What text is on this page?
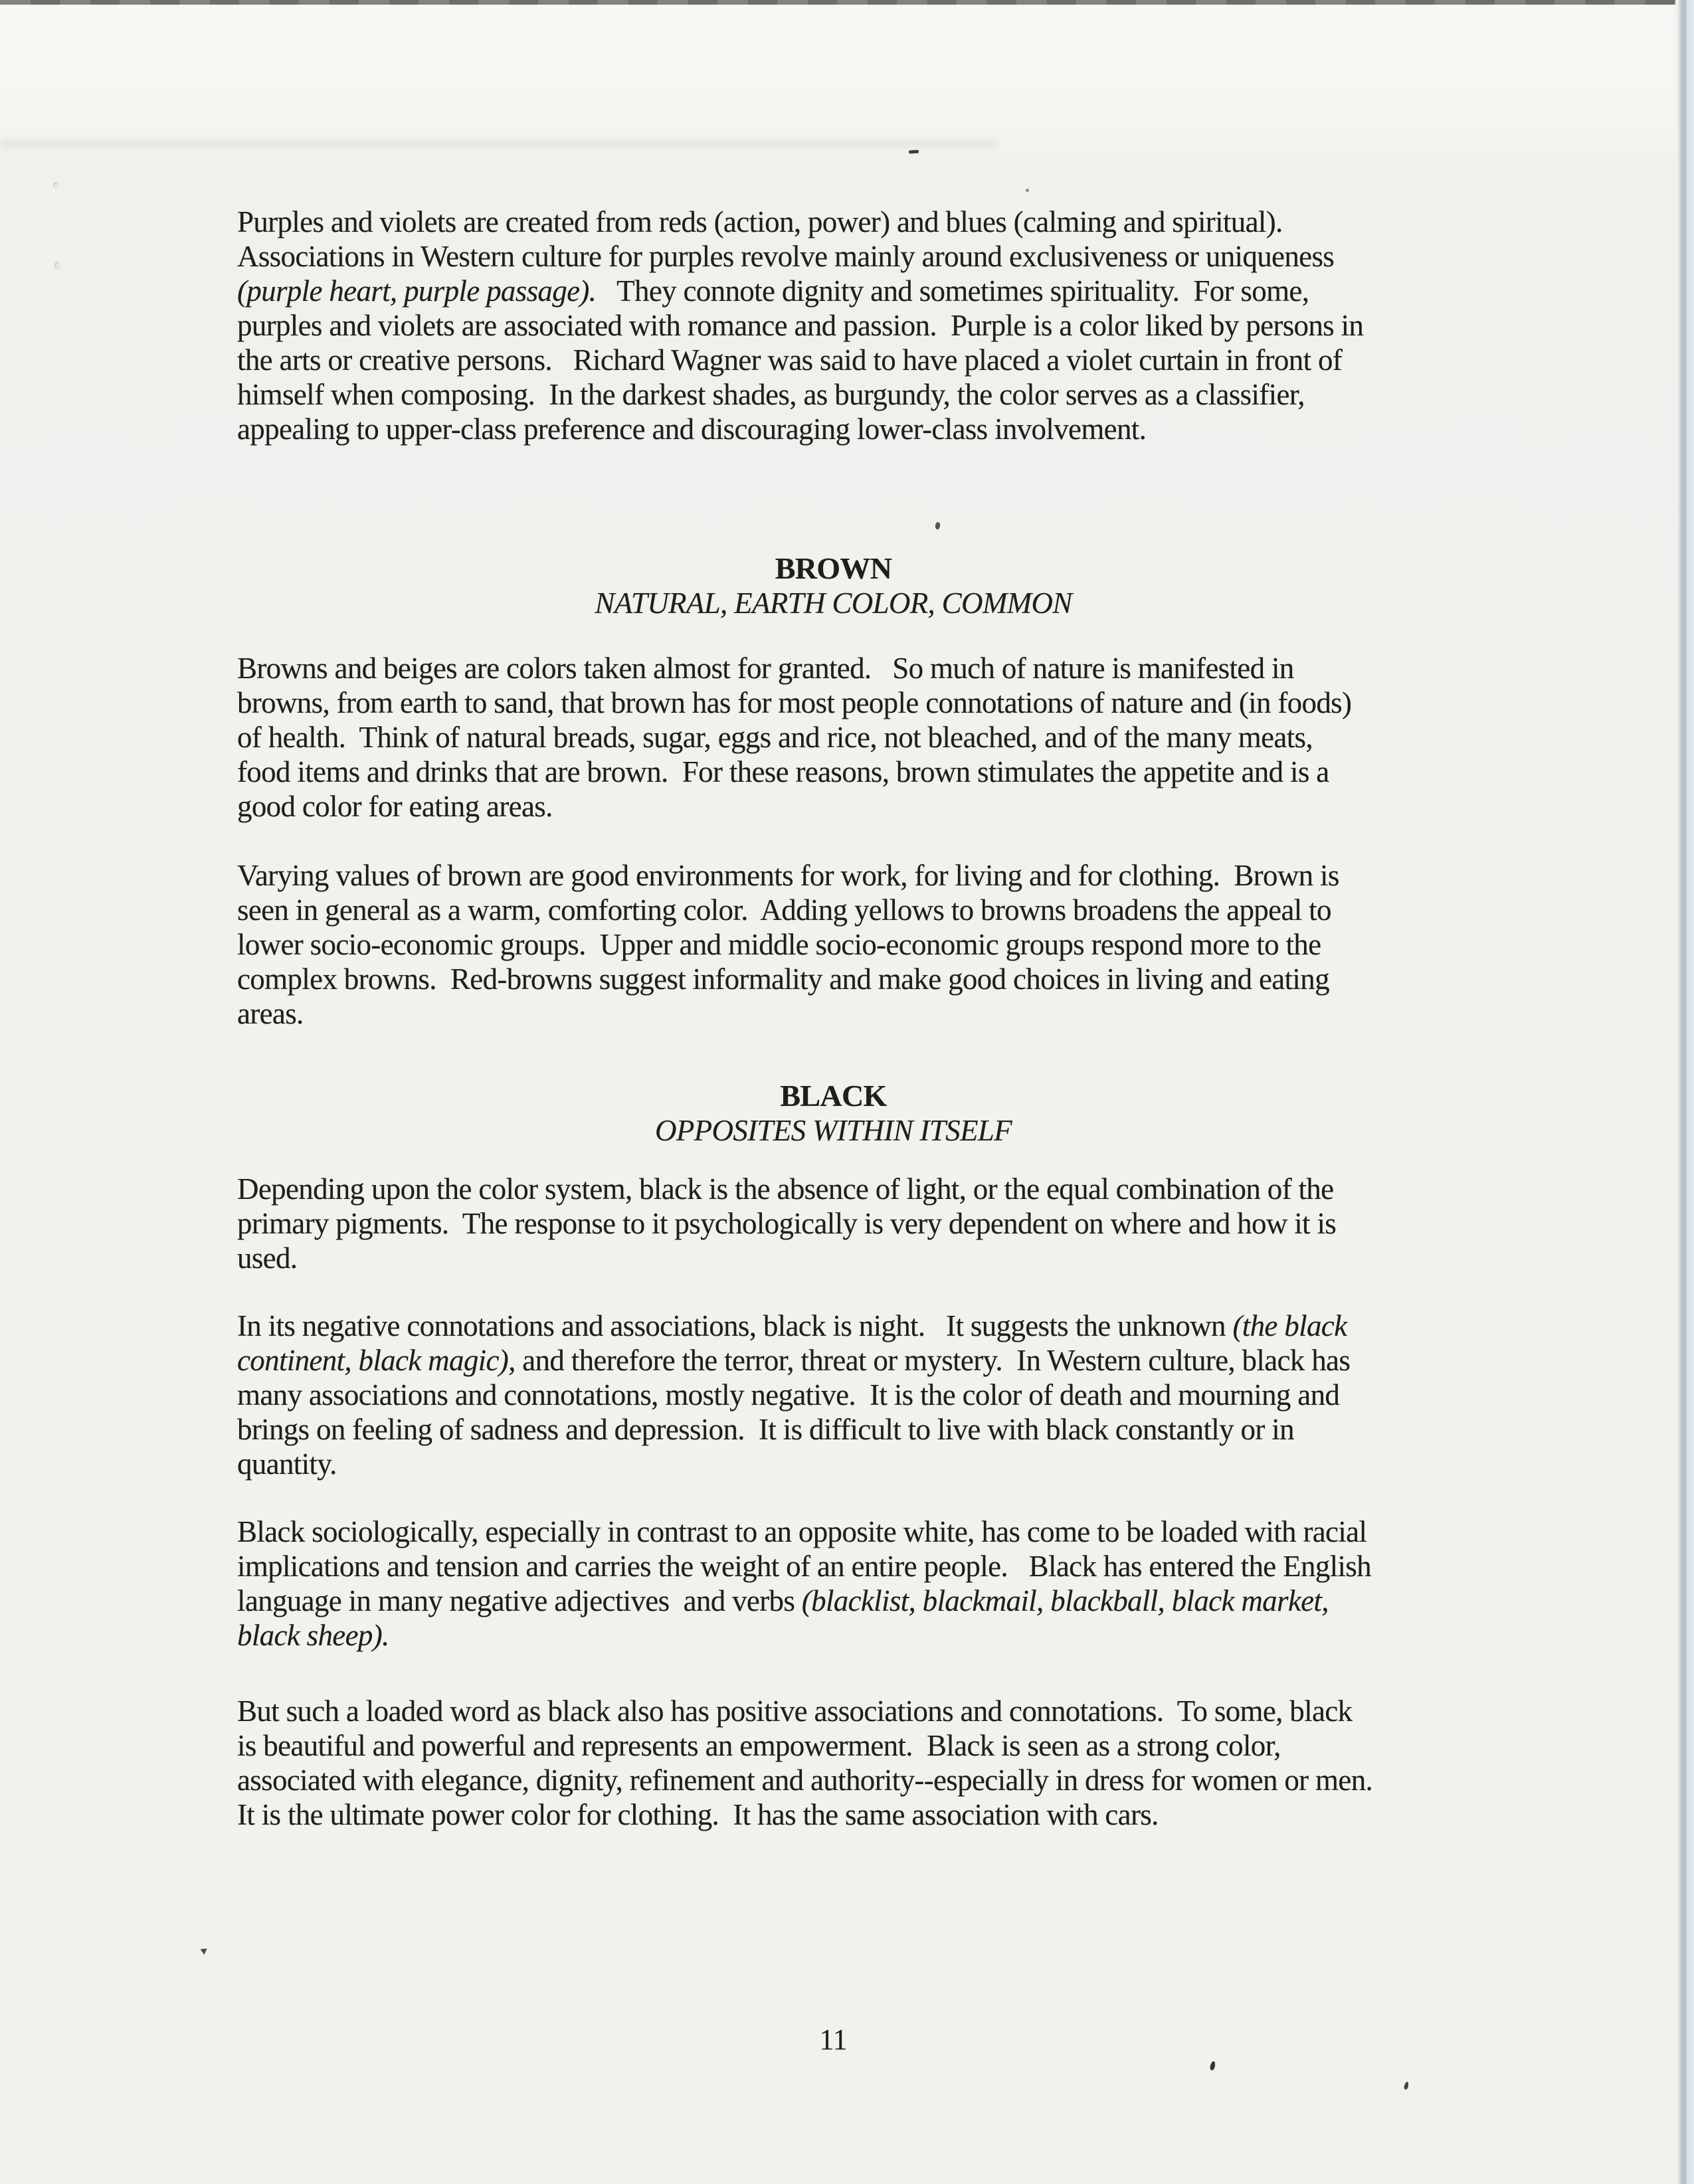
Purples and violets are created from reds (action, power) and blues (calming and spiritual).
Associations in Western culture for purples revolve mainly around exclusiveness or uniqueness
(purple heart, purple passage).   They connote dignity and sometimes spirituality.  For some,
purples and violets are associated with romance and passion.  Purple is a color liked by persons in
the arts or creative persons.   Richard Wagner was said to have placed a violet curtain in front of
himself when composing.  In the darkest shades, as burgundy, the color serves as a classifier,
appealing to upper-class preference and discouraging lower-class involvement.
BROWN
NATURAL, EARTH COLOR, COMMON
Browns and beiges are colors taken almost for granted.   So much of nature is manifested in
browns, from earth to sand, that brown has for most people connotations of nature and (in foods)
of health.  Think of natural breads, sugar, eggs and rice, not bleached, and of the many meats,
food items and drinks that are brown.  For these reasons, brown stimulates the appetite and is a
good color for eating areas.
Varying values of brown are good environments for work, for living and for clothing.  Brown is
seen in general as a warm, comforting color.  Adding yellows to browns broadens the appeal to
lower socio-economic groups.  Upper and middle socio-economic groups respond more to the
complex browns.  Red-browns suggest informality and make good choices in living and eating
areas.
BLACK
OPPOSITES WITHIN ITSELF
Depending upon the color system, black is the absence of light, or the equal combination of the
primary pigments.  The response to it psychologically is very dependent on where and how it is
used.
In its negative connotations and associations, black is night.   It suggests the unknown (the black
continent, black magic), and therefore the terror, threat or mystery.  In Western culture, black has
many associations and connotations, mostly negative.  It is the color of death and mourning and
brings on feeling of sadness and depression.  It is difficult to live with black constantly or in
quantity.
Black sociologically, especially in contrast to an opposite white, has come to be loaded with racial
implications and tension and carries the weight of an entire people.   Black has entered the English
language in many negative adjectives  and verbs (blacklist, blackmail, blackball, black market,
black sheep).
But such a loaded word as black also has positive associations and connotations.  To some, black
is beautiful and powerful and represents an empowerment.  Black is seen as a strong color,
associated with elegance, dignity, refinement and authority--especially in dress for women or men.
It is the ultimate power color for clothing.  It has the same association with cars.
11
